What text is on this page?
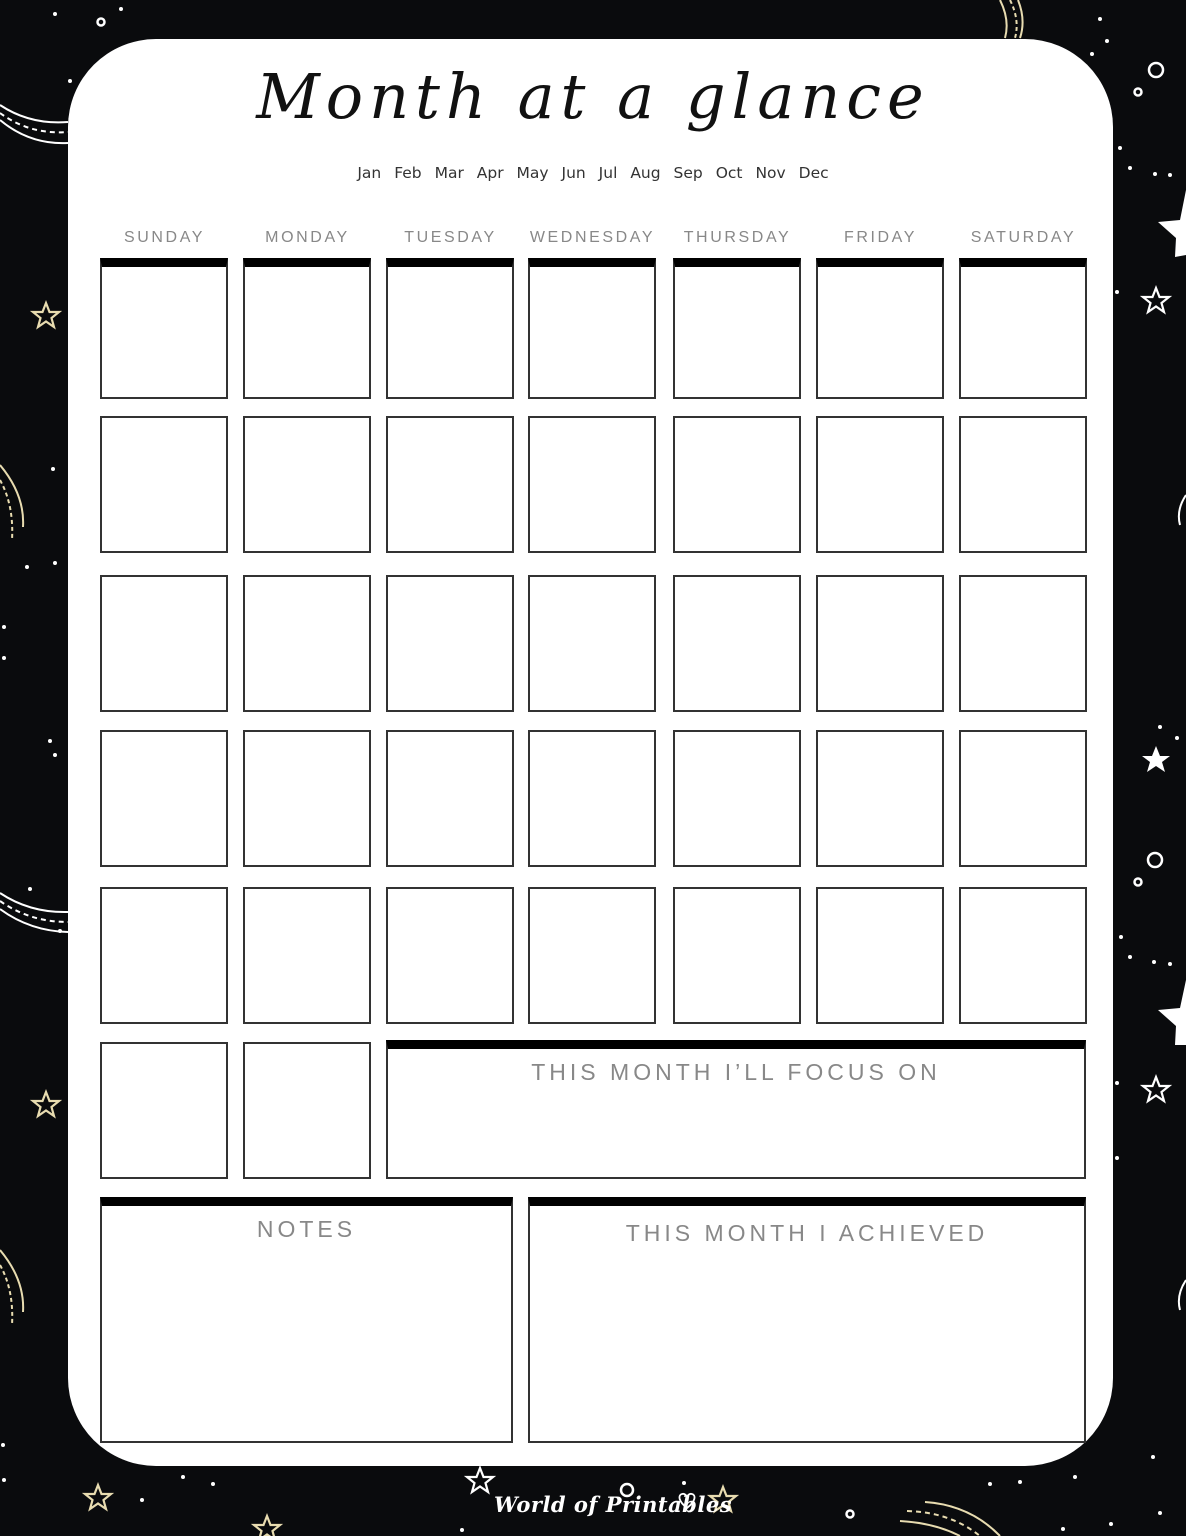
Month at a glance
Jan Feb Mar Apr May Jun Jul Aug Sep Oct Nov Dec
SUNDAY	MONDAY	TUESDAY	WEDNESDAY	THURSDAY	FRIDAY	SATURDAY
THIS MONTH I’LL FOCUS ON
NOTES	THIS MONTH I ACHIEVED
World of Printables
